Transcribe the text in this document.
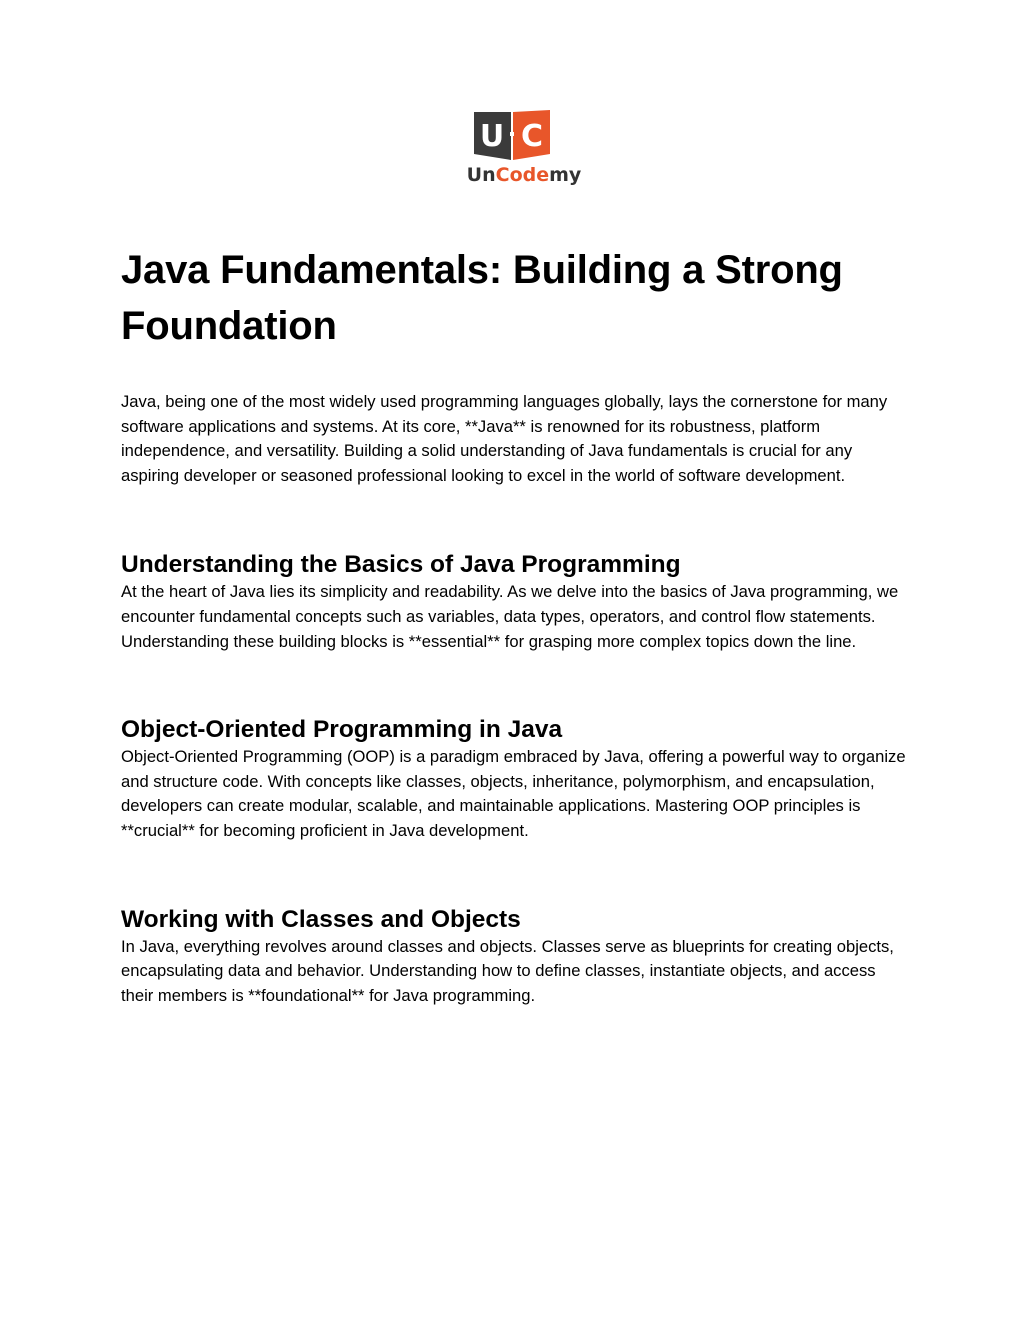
U C
UnCodemy
Java Fundamentals: Building a Strong Foundation

Java, being one of the most widely used programming languages globally, lays the cornerstone for many software applications and systems. At its core, **Java** is renowned for its robustness, platform independence, and versatility. Building a solid understanding of Java fundamentals is crucial for any aspiring developer or seasoned professional looking to excel in the world of software development.

Understanding the Basics of Java Programming

At the heart of Java lies its simplicity and readability. As we delve into the basics of Java programming, we encounter fundamental concepts such as variables, data types, operators, and control flow statements. Understanding these building blocks is **essential** for grasping more complex topics down the line.

Object-Oriented Programming in Java

Object-Oriented Programming (OOP) is a paradigm embraced by Java, offering a powerful way to organize and structure code. With concepts like classes, objects, inheritance, polymorphism, and encapsulation, developers can create modular, scalable, and maintainable applications. Mastering OOP principles is **crucial** for becoming proficient in Java development.

Working with Classes and Objects

In Java, everything revolves around classes and objects. Classes serve as blueprints for creating objects, encapsulating data and behavior. Understanding how to define classes, instantiate objects, and access their members is **foundational** for Java programming.
